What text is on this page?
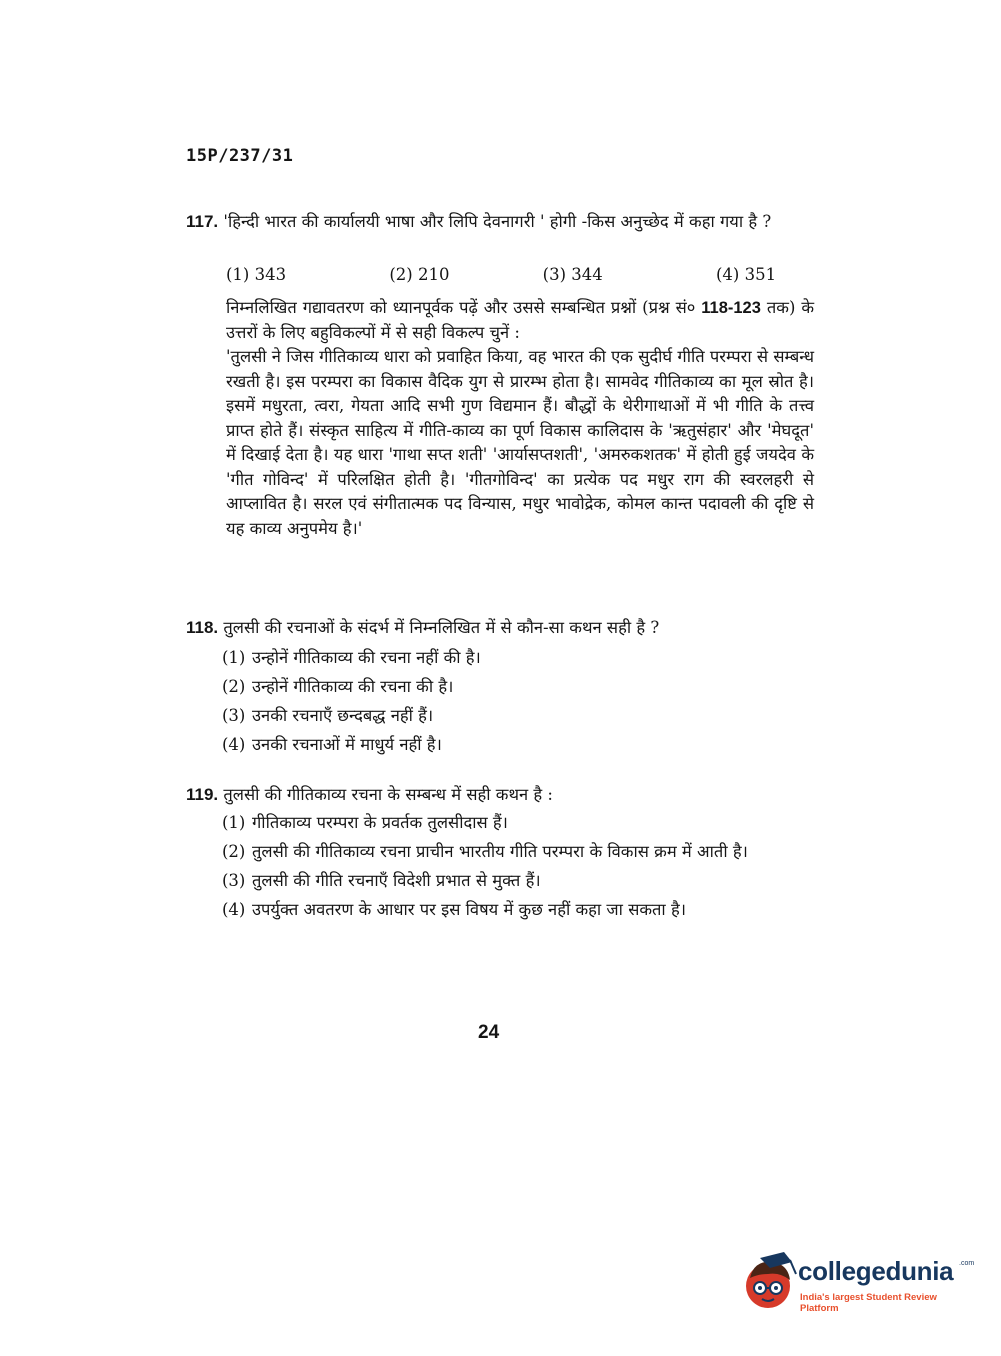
15P/237/31
117. 'हिन्दी भारत की कार्यालयी भाषा और लिपि देवनागरी ' होगी -किस अनुच्छेद में कहा गया है ?
(1) 343	(2) 210	(3) 344	(4) 351
निम्नलिखित गद्यावतरण को ध्यानपूर्वक पढ़ें और उससे सम्बन्धित प्रश्नों (प्रश्न सं० 118-123 तक) के उत्तरों के लिए बहुविकल्पों में से सही विकल्प चुनें :
'तुलसी ने जिस गीतिकाव्य धारा को प्रवाहित किया, वह भारत की एक सुदीर्घ गीति परम्परा से सम्बन्ध रखती है। इस परम्परा का विकास वैदिक युग से प्रारम्भ होता है। सामवेद गीतिकाव्य का मूल स्रोत है। इसमें मधुरता, त्वरा, गेयता आदि सभी गुण विद्यमान हैं। बौद्धों के थेरीगाथाओं में भी गीति के तत्त्व प्राप्त होते हैं। संस्कृत साहित्य में गीति-काव्य का पूर्ण विकास कालिदास के 'ऋतुसंहार' और 'मेघदूत' में दिखाई देता है। यह धारा 'गाथा सप्त शती' 'आर्यासप्तशती', 'अमरुकशतक' में होती हुई जयदेव के 'गीत गोविन्द' में परिलक्षित होती है। 'गीतगोविन्द' का प्रत्येक पद मधुर राग की स्वरलहरी से आप्लावित है। सरल एवं संगीतात्मक पद विन्यास, मधुर भावोद्रेक, कोमल कान्त पदावली की दृष्टि से यह काव्य अनुपमेय है।'
118. तुलसी की रचनाओं के संदर्भ में निम्नलिखित में से कौन-सा कथन सही है ?
(1) उन्होनें गीतिकाव्य की रचना नहीं की है।
(2) उन्होनें गीतिकाव्य की रचना की है।
(3) उनकी रचनाएँ छन्दबद्ध नहीं हैं।
(4) उनकी रचनाओं में माधुर्य नहीं है।
119. तुलसी की गीतिकाव्य रचना के सम्बन्ध में सही कथन है :
(1) गीतिकाव्य परम्परा के प्रवर्तक तुलसीदास हैं।
(2) तुलसी की गीतिकाव्य रचना प्राचीन भारतीय गीति परम्परा के विकास क्रम में आती है।
(3) तुलसी की गीति रचनाएँ विदेशी प्रभात से मुक्त हैं।
(4) उपर्युक्त अवतरण के आधार पर इस विषय में कुछ नहीं कहा जा सकता है।
24
collegedunia .com
India's largest Student Review Platform
